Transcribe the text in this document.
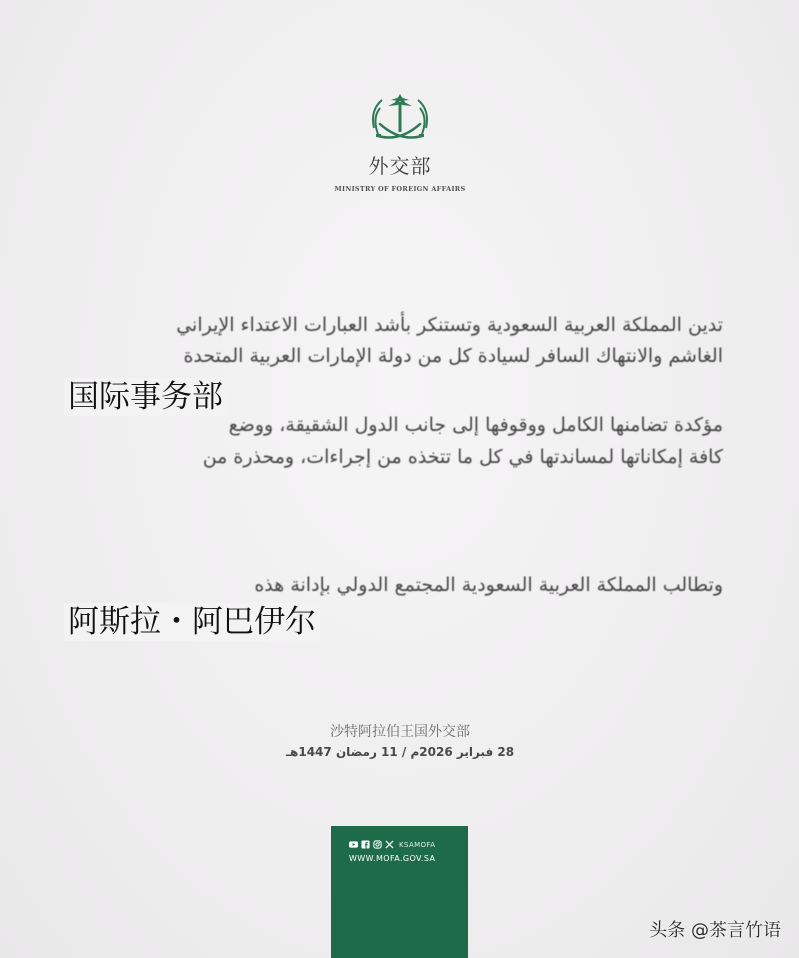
外交部
MINISTRY OF FOREIGN AFFAIRS
تدين المملكة العربية السعودية وتستنكر بأشد العبارات الاعتداء الإيراني
الغاشم والانتهاك السافر لسيادة كل من دولة الإمارات العربية المتحدة
مؤكدة تضامنها الكامل ووقوفها إلى جانب الدول الشقيقة، ووضع
كافة إمكاناتها لمساندتها في كل ما تتخذه من إجراءات، ومحذرة من
وتطالب المملكة العربية السعودية المجتمع الدولي بإدانة هذه
国际事务部
阿斯拉・阿巴伊尔
沙特阿拉伯王国外交部
28 فبراير 2026م / 11 رمضان 1447هـ
KSAMOFA
WWW.MOFA.GOV.SA
头条 @茶言竹语
